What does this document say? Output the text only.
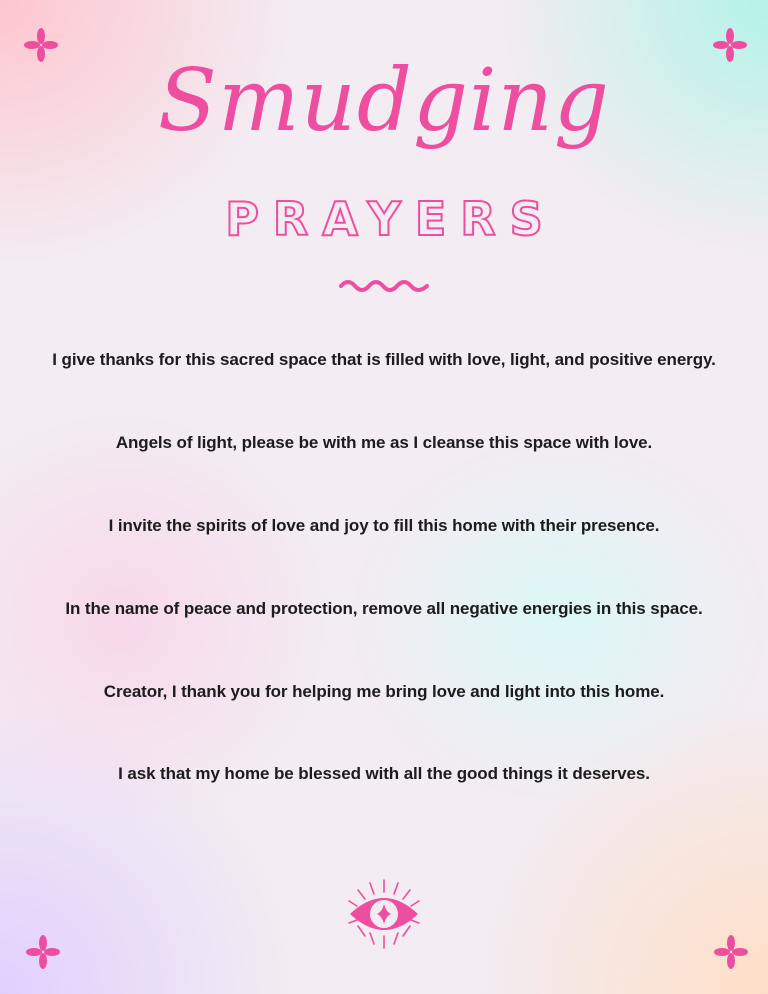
Smudging
PRAYERS
I give thanks for this sacred space that is filled with love, light, and positive energy.
Angels of light, please be with me as I cleanse this space with love.
I invite the spirits of love and joy to fill this home with their presence.
In the name of peace and protection, remove all negative energies in this space.
Creator, I thank you for helping me bring love and light into this home.
I ask that my home be blessed with all the good things it deserves.
